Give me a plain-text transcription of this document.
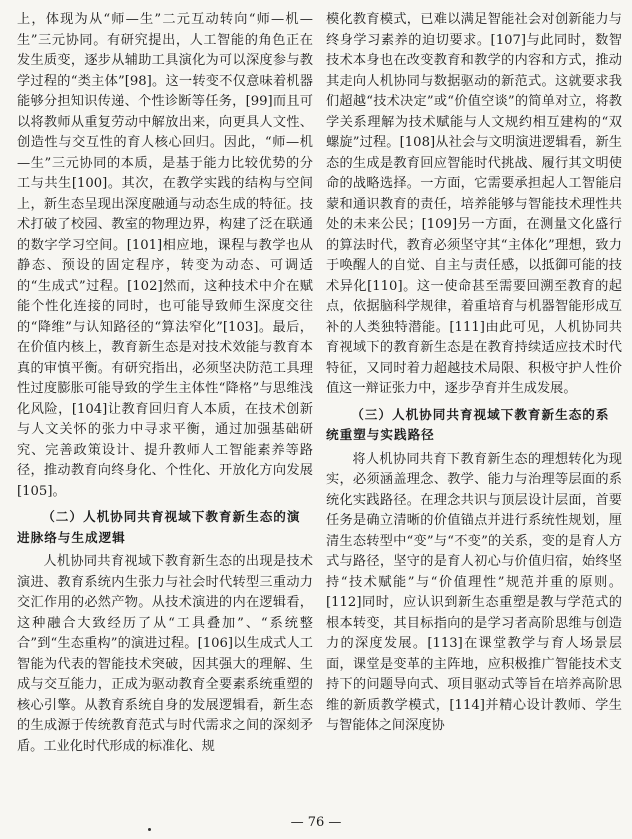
上，体现为从“师—生”二元互动转向“师—机—生”三元协同。有研究提出，人工智能的角色正在发生质变，逐步从辅助工具演化为可以深度参与教学过程的“类主体”[98]。这一转变不仅意味着机器能够分担知识传递、个性诊断等任务，[99]而且可以将教师从重复劳动中解放出来，向更具人文性、创造性与交互性的育人核心回归。因此，“师—机—生”三元协同的本质，是基于能力比较优势的分工与共生[100]。其次，在教学实践的结构与空间上，新生态呈现出深度融通与动态生成的特征。技术打破了校园、教室的物理边界，构建了泛在联通的数字学习空间。[101]相应地，课程与教学也从静态、预设的固定程序，转变为动态、可调适的“生成式”过程。[102]然而，这种技术中介在赋能个性化连接的同时，也可能导致师生深度交往的“降维”与认知路径的“算法窄化”[103]。最后，在价值内核上，教育新生态是对技术效能与教育本真的审慎平衡。有研究指出，必须坚决防范工具理性过度膨胀可能导致的学生主体性“降格”与思维浅化风险，[104]让教育回归育人本质，在技术创新与人文关怀的张力中寻求平衡，通过加强基础研究、完善政策设计、提升教师人工智能素养等路径，推动教育向终身化、个性化、开放化方向发展[105]。

（二）人机协同共育视域下教育新生态的演进脉络与生成逻辑

人机协同共育视域下教育新生态的出现是技术演进、教育系统内生张力与社会时代转型三重动力交汇作用的必然产物。从技术演进的内在逻辑看，这种融合大致经历了从“工具叠加”、“系统整合”到“生态重构”的演进过程。[106]以生成式人工智能为代表的智能技术突破，因其强大的理解、生成与交互能力，正成为驱动教育全要素系统重塑的核心引擎。从教育系统自身的发展逻辑看，新生态的生成源于传统教育范式与时代需求之间的深刻矛盾。工业化时代形成的标准化、规

模化教育模式，已难以满足智能社会对创新能力与终身学习素养的迫切要求。[107]与此同时，数智技术本身也在改变教育和教学的内容和方式，推动其走向人机协同与数据驱动的新范式。这就要求我们超越“技术决定”或“价值空谈”的简单对立，将教学关系理解为技术赋能与人文规约相互建构的“双螺旋”过程。[108]从社会与文明演进逻辑看，新生态的生成是教育回应智能时代挑战、履行其文明使命的战略选择。一方面，它需要承担起人工智能启蒙和通识教育的责任，培养能够与智能技术理性共处的未来公民；[109]另一方面，在测量文化盛行的算法时代，教育必须坚守其“主体化”理想，致力于唤醒人的自觉、自主与责任感，以抵御可能的技术异化[110]。这一使命甚至需要回溯至教育的起点，依据脑科学规律，着重培育与机器智能形成互补的人类独特潜能。[111]由此可见，人机协同共育视域下的教育新生态是在教育持续适应技术时代特征，又同时着力超越技术局限、积极守护人性价值这一辩证张力中，逐步孕育并生成发展。

（三）人机协同共育视域下教育新生态的系统重塑与实践路径

将人机协同共育下教育新生态的理想转化为现实，必须涵盖理念、教学、能力与治理等层面的系统化实践路径。在理念共识与顶层设计层面，首要任务是确立清晰的价值锚点并进行系统性规划，厘清生态转型中“变”与“不变”的关系，变的是育人方式与路径，坚守的是育人初心与价值归宿，始终坚持“技术赋能”与“价值理性”规范并重的原则。[112]同时，应认识到新生态重塑是教与学范式的根本转变，其目标指向的是学习者高阶思维与创造力的深度发展。[113]在课堂教学与育人场景层面，课堂是变革的主阵地，应积极推广智能技术支持下的问题导向式、项目驱动式等旨在培养高阶思维的新质教学模式，[114]并精心设计教师、学生与智能体之间深度协

— 76 —
